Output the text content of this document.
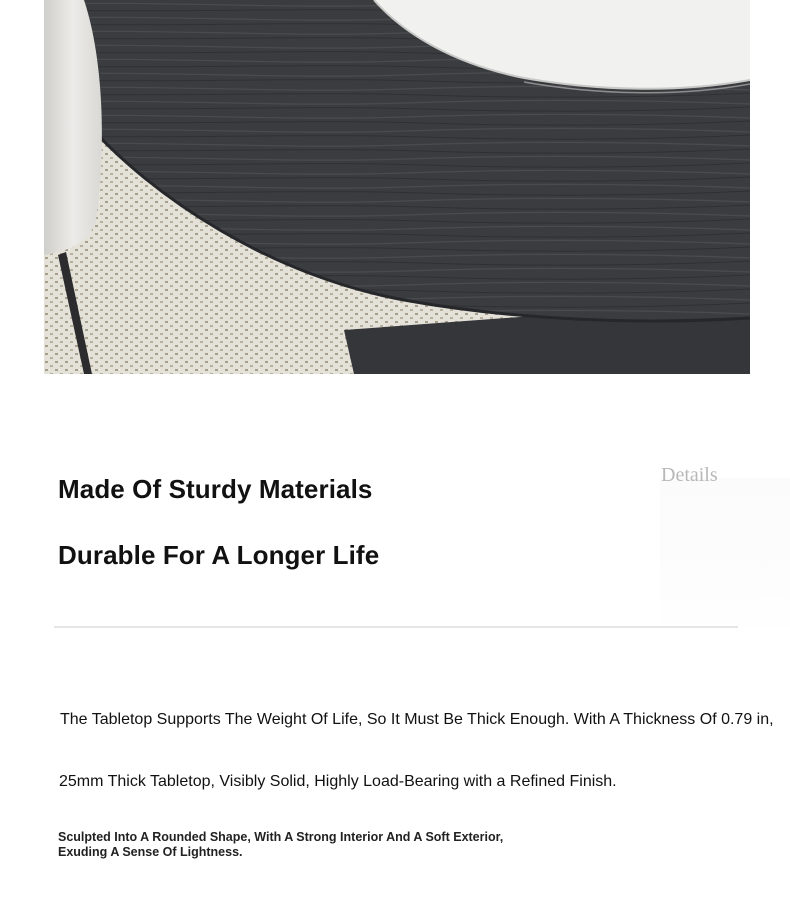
Made Of Sturdy Materials
Durable For A Longer Life
Details

The Tabletop Supports The Weight Of Life, So It Must Be Thick Enough. With A Thickness Of 0.79 in,

25mm Thick Tabletop, Visibly Solid, Highly Load-Bearing with a Refined Finish.

Sculpted Into A Rounded Shape, With A Strong Interior And A Soft Exterior,
Exuding A Sense Of Lightness.
